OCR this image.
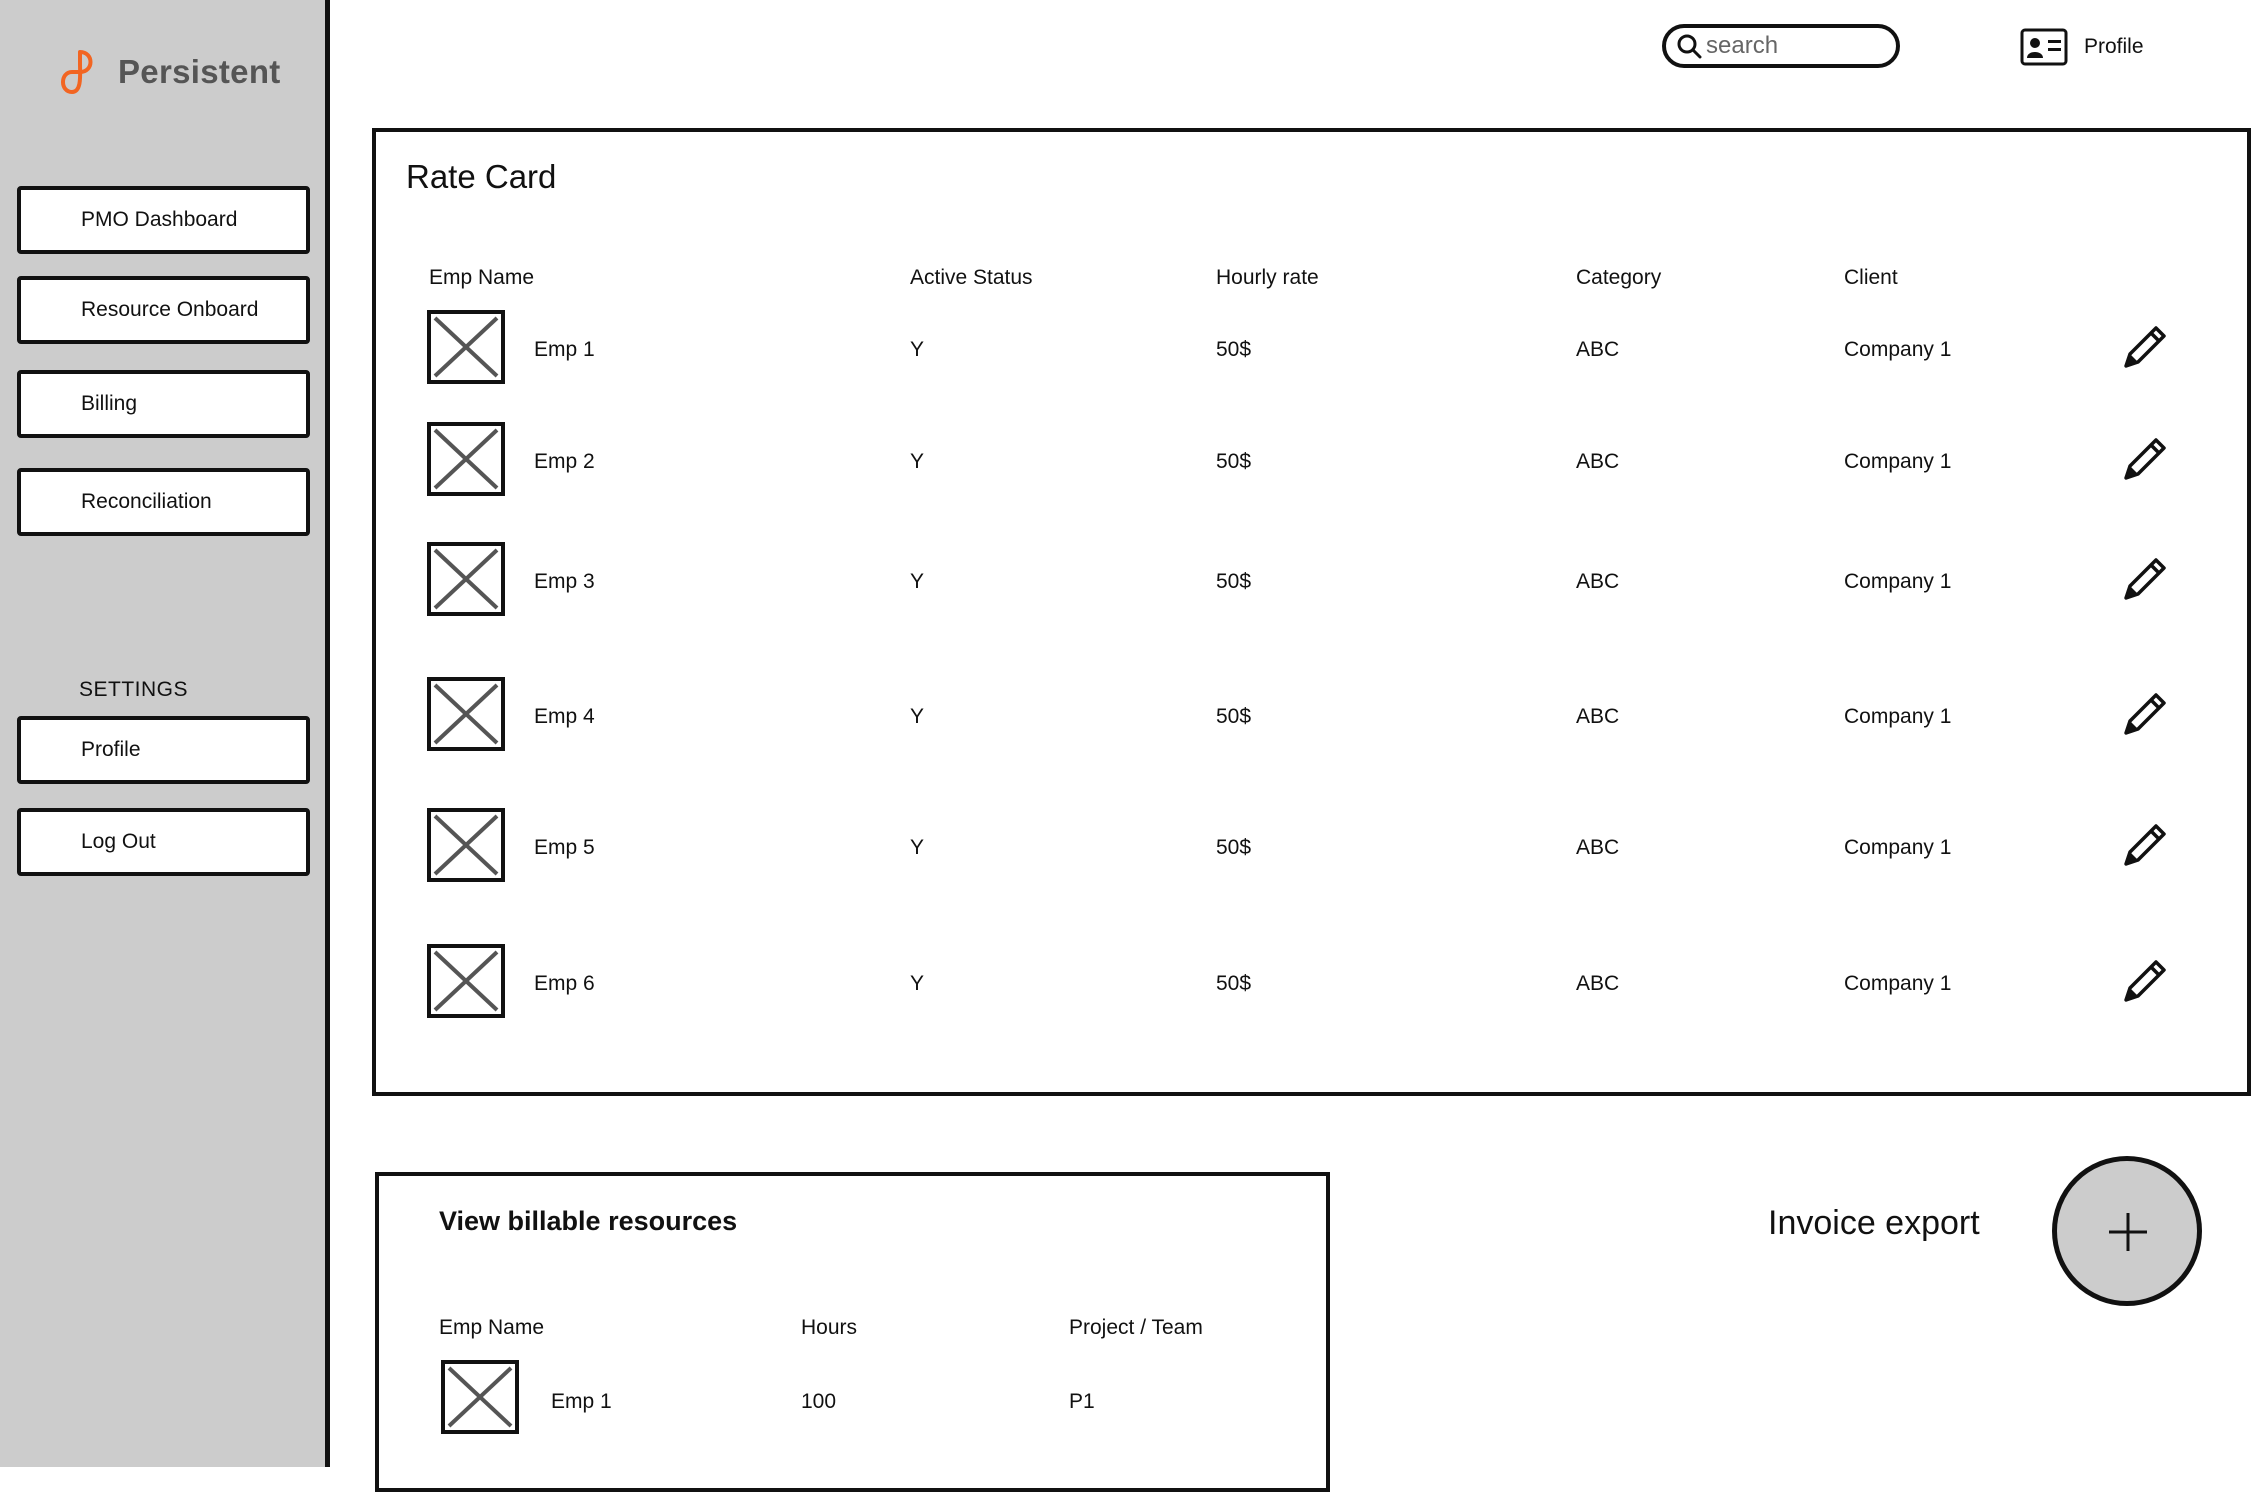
Persistent
PMO Dashboard
Resource Onboard
Billing
Reconciliation
SETTINGS
Profile
Log Out
search
Profile
Rate Card
Emp Name	Active Status	Hourly rate	Category	Client
Emp 1	Y	50$	ABC	Company 1
Emp 2	Y	50$	ABC	Company 1
Emp 3	Y	50$	ABC	Company 1
Emp 4	Y	50$	ABC	Company 1
Emp 5	Y	50$	ABC	Company 1
Emp 6	Y	50$	ABC	Company 1
View billable resources
Emp Name	Hours	Project / Team
Emp 1	100	P1
Invoice export
